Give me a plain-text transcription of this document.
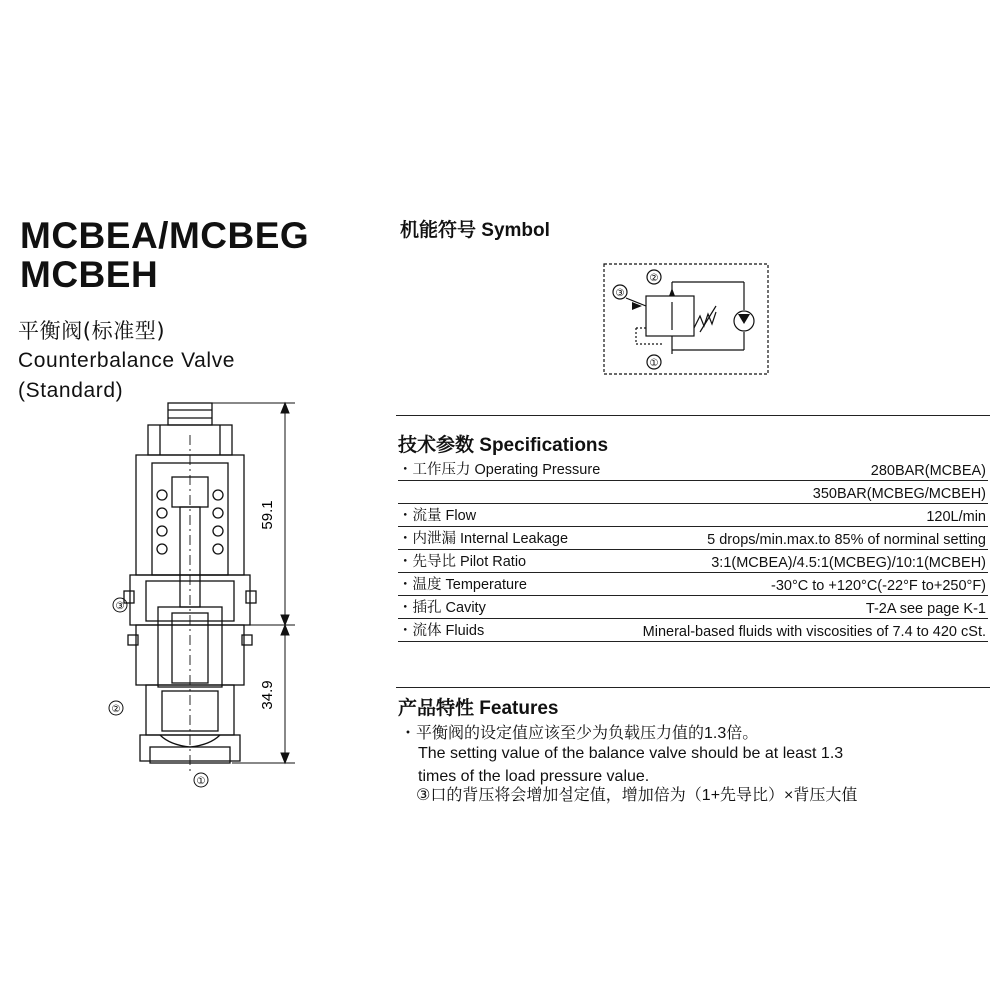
MCBEA/MCBEG
MCBEH
平衡阀(标准型)
Counterbalance Valve
(Standard)
59.1
34.9
③
②
①
机能符号 Symbol
②
③
①
技术参数 Specifications
・工作压力 Operating Pressure	280BAR(MCBEA)
350BAR(MCBEG/MCBEH)
・流量 Flow	120L/min
・内泄漏 Internal Leakage	5 drops/min.max.to 85% of norminal setting
・先导比 Pilot Ratio	3:1(MCBEA)/4.5:1(MCBEG)/10:1(MCBEH)
・温度 Temperature	-30°C to +120°C(-22°F to+250°F)
・插孔 Cavity	T-2A see page K-1
・流体 Fluids	Mineral-based fluids with viscosities of 7.4 to 420 cSt.
产品特性 Features
・平衡阀的设定值应该至少为负载压力值的1.3倍。
The setting value of the balance valve should be at least 1.3
times of the load pressure value.
③口的背压将会增加설定值，增加倍为（1+先导比）×背压大值
